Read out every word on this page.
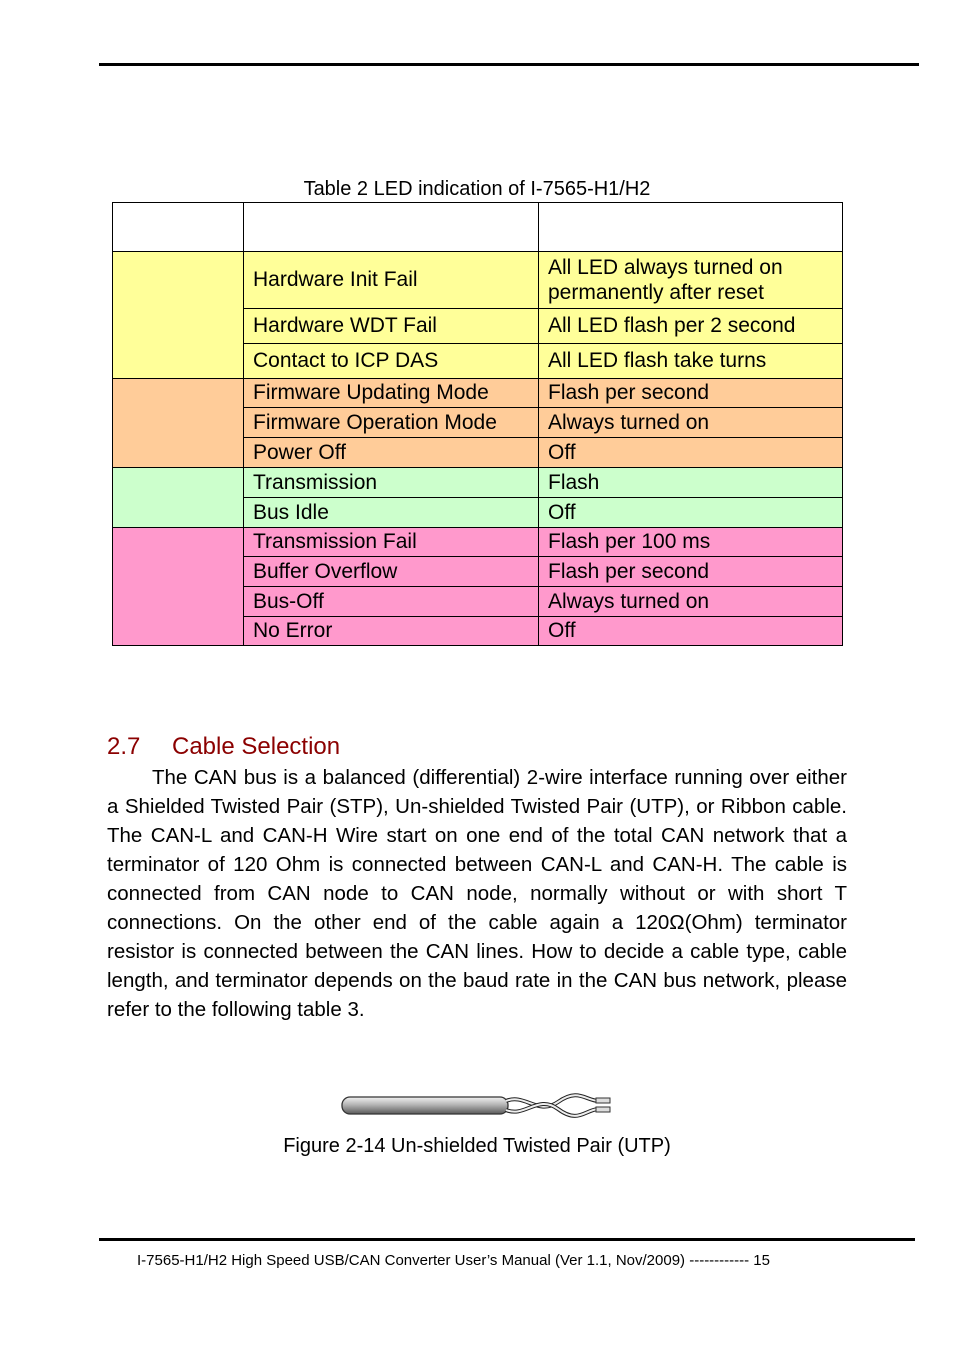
Table 2 LED indication of I-7565-H1/H2

	Hardware Init Fail	All LED always turned on permanently after reset
	Hardware WDT Fail	All LED flash per 2 second
	Contact to ICP DAS	All LED flash take turns
	Firmware Updating Mode	Flash per second
	Firmware Operation Mode	Always turned on
	Power Off	Off
	Transmission	Flash
	Bus Idle	Off
	Transmission Fail	Flash per 100 ms
	Buffer Overflow	Flash per second
	Bus-Off	Always turned on
	No Error	Off
2.7 Cable Selection
The CAN bus is a balanced (differential) 2-wire interface running over either a Shielded Twisted Pair (STP), Un-shielded Twisted Pair (UTP), or Ribbon cable. The CAN-L and CAN-H Wire start on one end of the total CAN network that a terminator of 120 Ohm is connected between CAN-L and CAN-H. The cable is connected from CAN node to CAN node, normally without or with short T connections. On the other end of the cable again a 120Ω(Ohm) terminator resistor is connected between the CAN lines. How to decide a cable type, cable length, and terminator depends on the baud rate in the CAN bus network, please refer to the following table 3.
Figure 2-14 Un-shielded Twisted Pair (UTP)
I-7565-H1/H2 High Speed USB/CAN Converter User’s Manual (Ver 1.1, Nov/2009) ------------ 15
